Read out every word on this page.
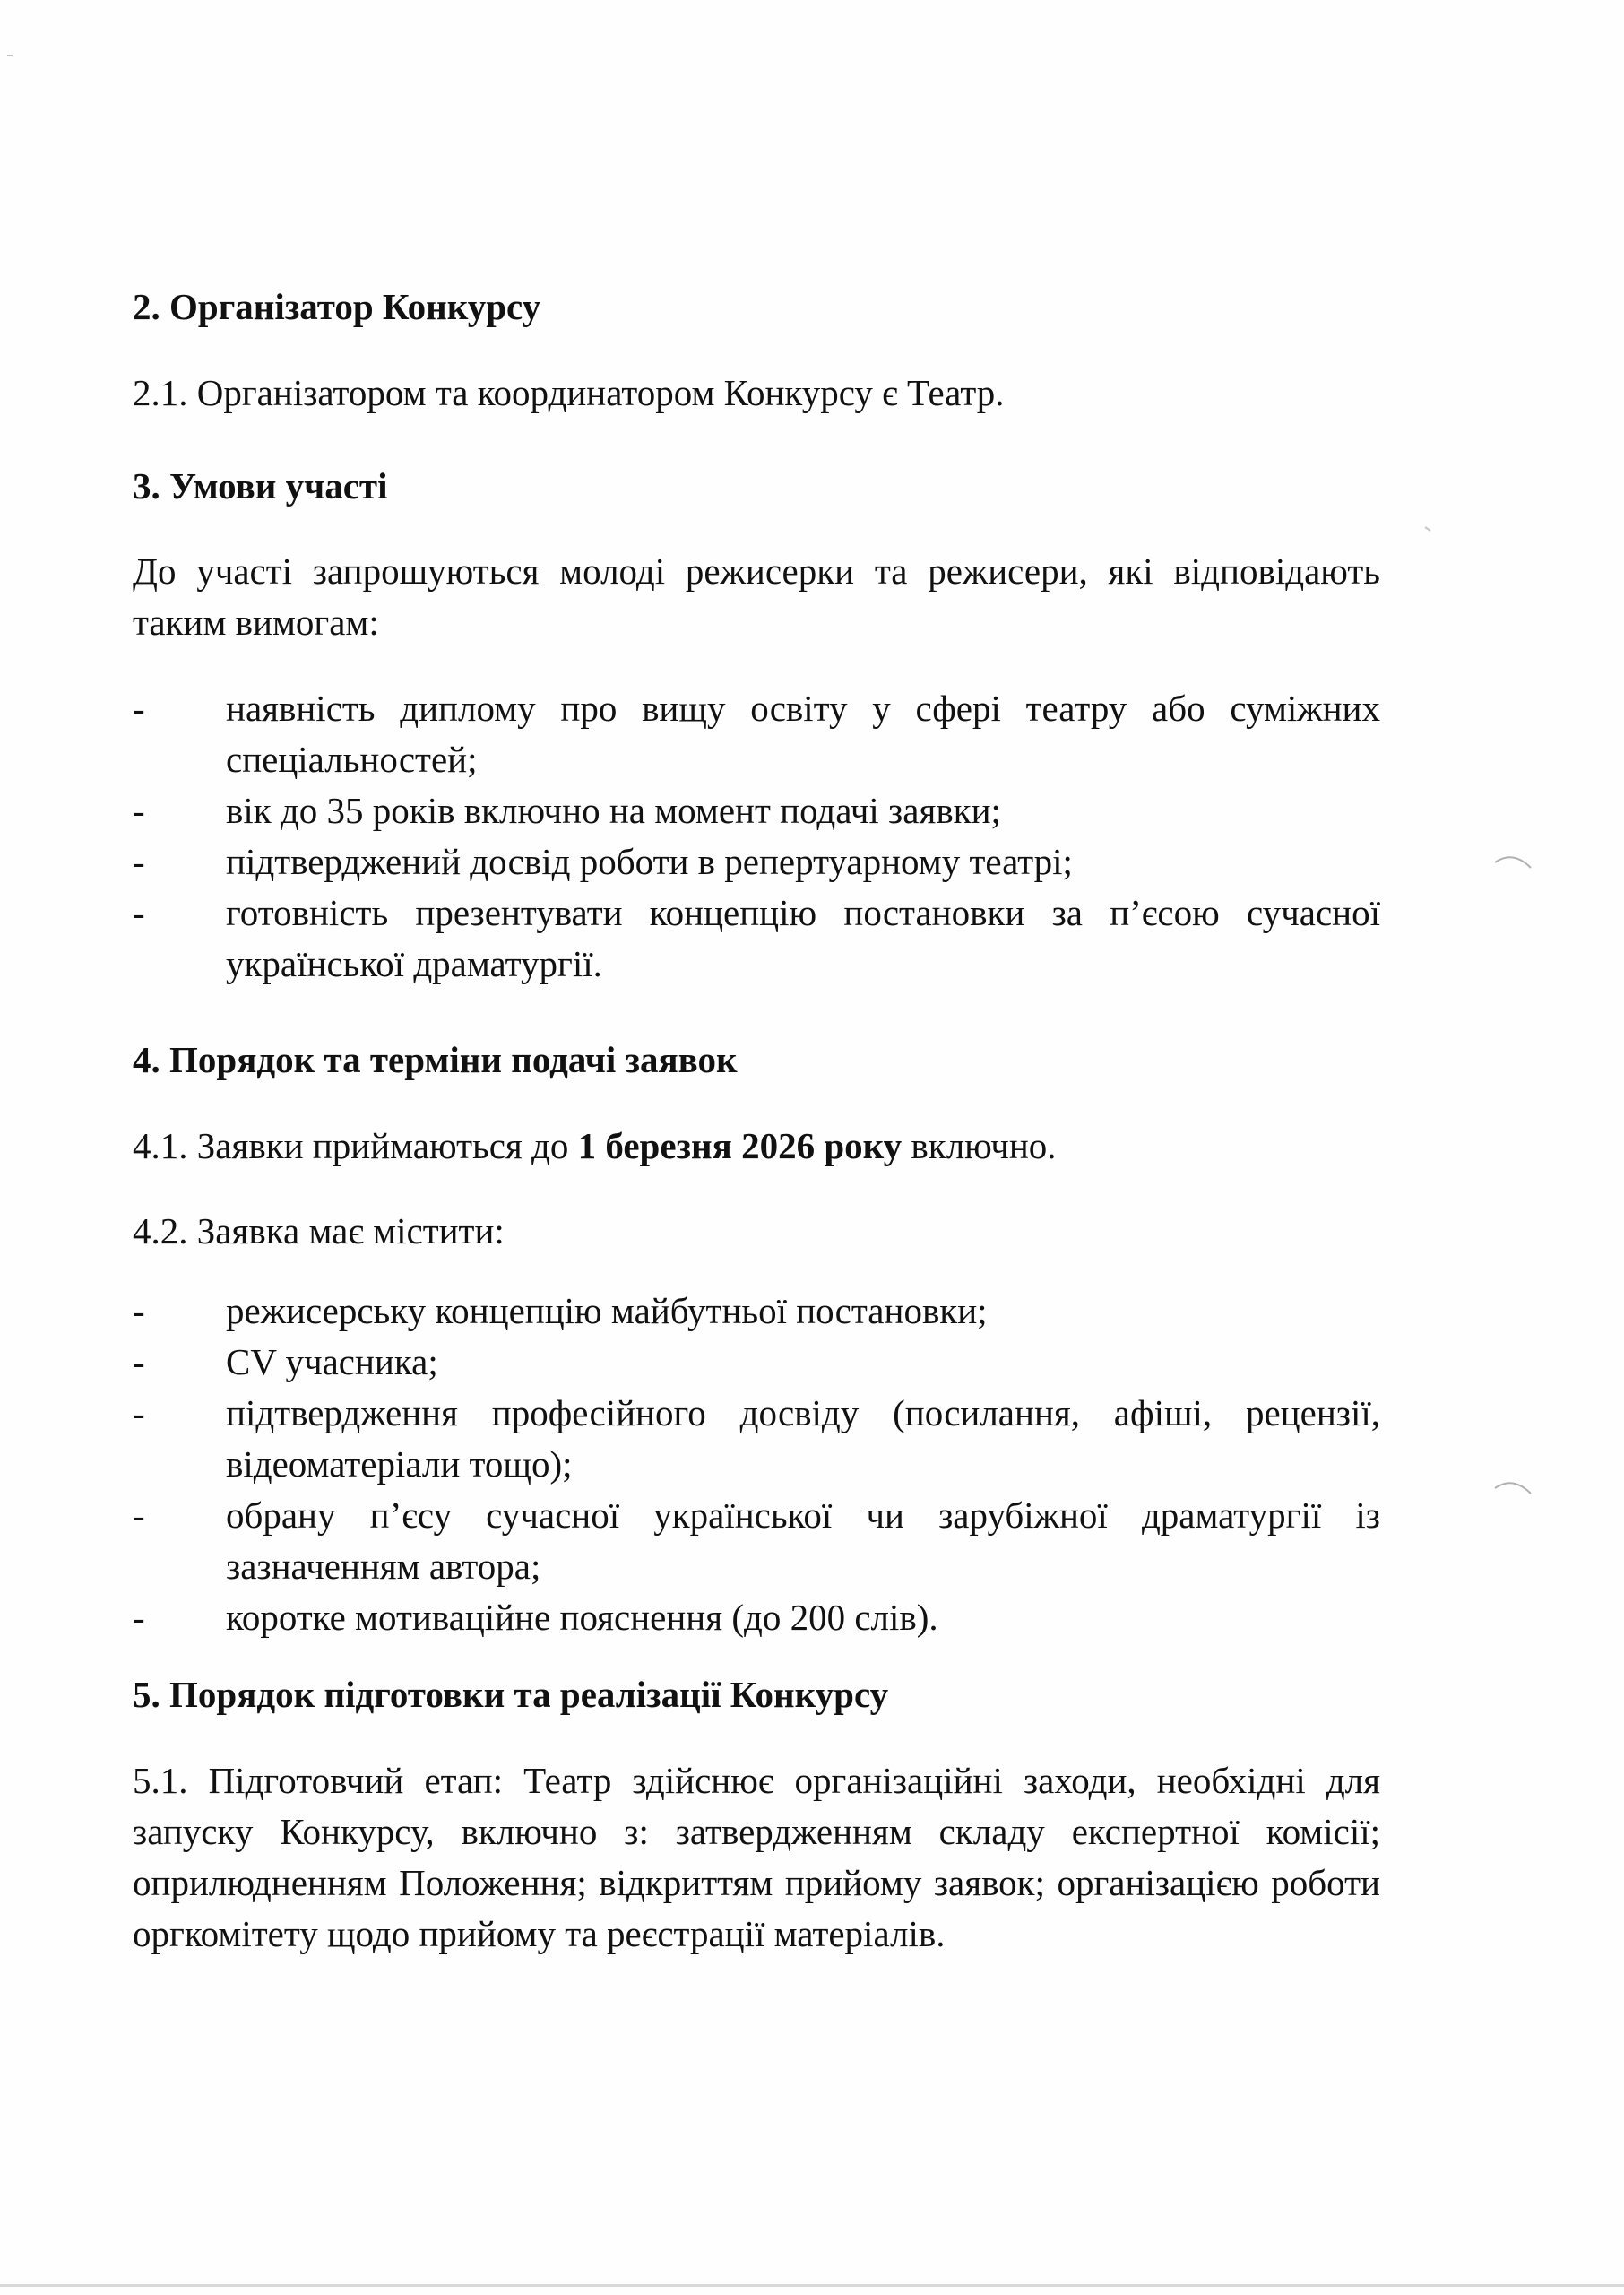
2. Організатор Конкурсу
2.1. Організатором та координатором Конкурсу є Театр.
3. Умови участі
До участі запрошуються молоді режисерки та режисери, які відповідають таким вимогам:
-	наявність диплому про вищу освіту у сфері театру або суміжних спеціальностей;
-	вік до 35 років включно на момент подачі заявки;
-	підтверджений досвід роботи в репертуарному театрі;
-	готовність презентувати концепцію постановки за п’єсою сучасної української драматургії.
4. Порядок та терміни подачі заявок
4.1. Заявки приймаються до 1 березня 2026 року включно.
4.2. Заявка має містити:
-	режисерську концепцію майбутньої постановки;
-	CV учасника;
-	підтвердження професійного досвіду (посилання, афіші, рецензії, відеоматеріали тощо);
-	обрану п’єсу сучасної української чи зарубіжної драматургії із зазначенням автора;
-	коротке мотиваційне пояснення (до 200 слів).
5. Порядок підготовки та реалізації Конкурсу
5.1. Підготовчий етап: Театр здійснює організаційні заходи, необхідні для запуску Конкурсу, включно з: затвердженням складу експертної комісії; оприлюдненням Положення; відкриттям прийому заявок; організацією роботи оргкомітету щодо прийому та реєстрації матеріалів.
